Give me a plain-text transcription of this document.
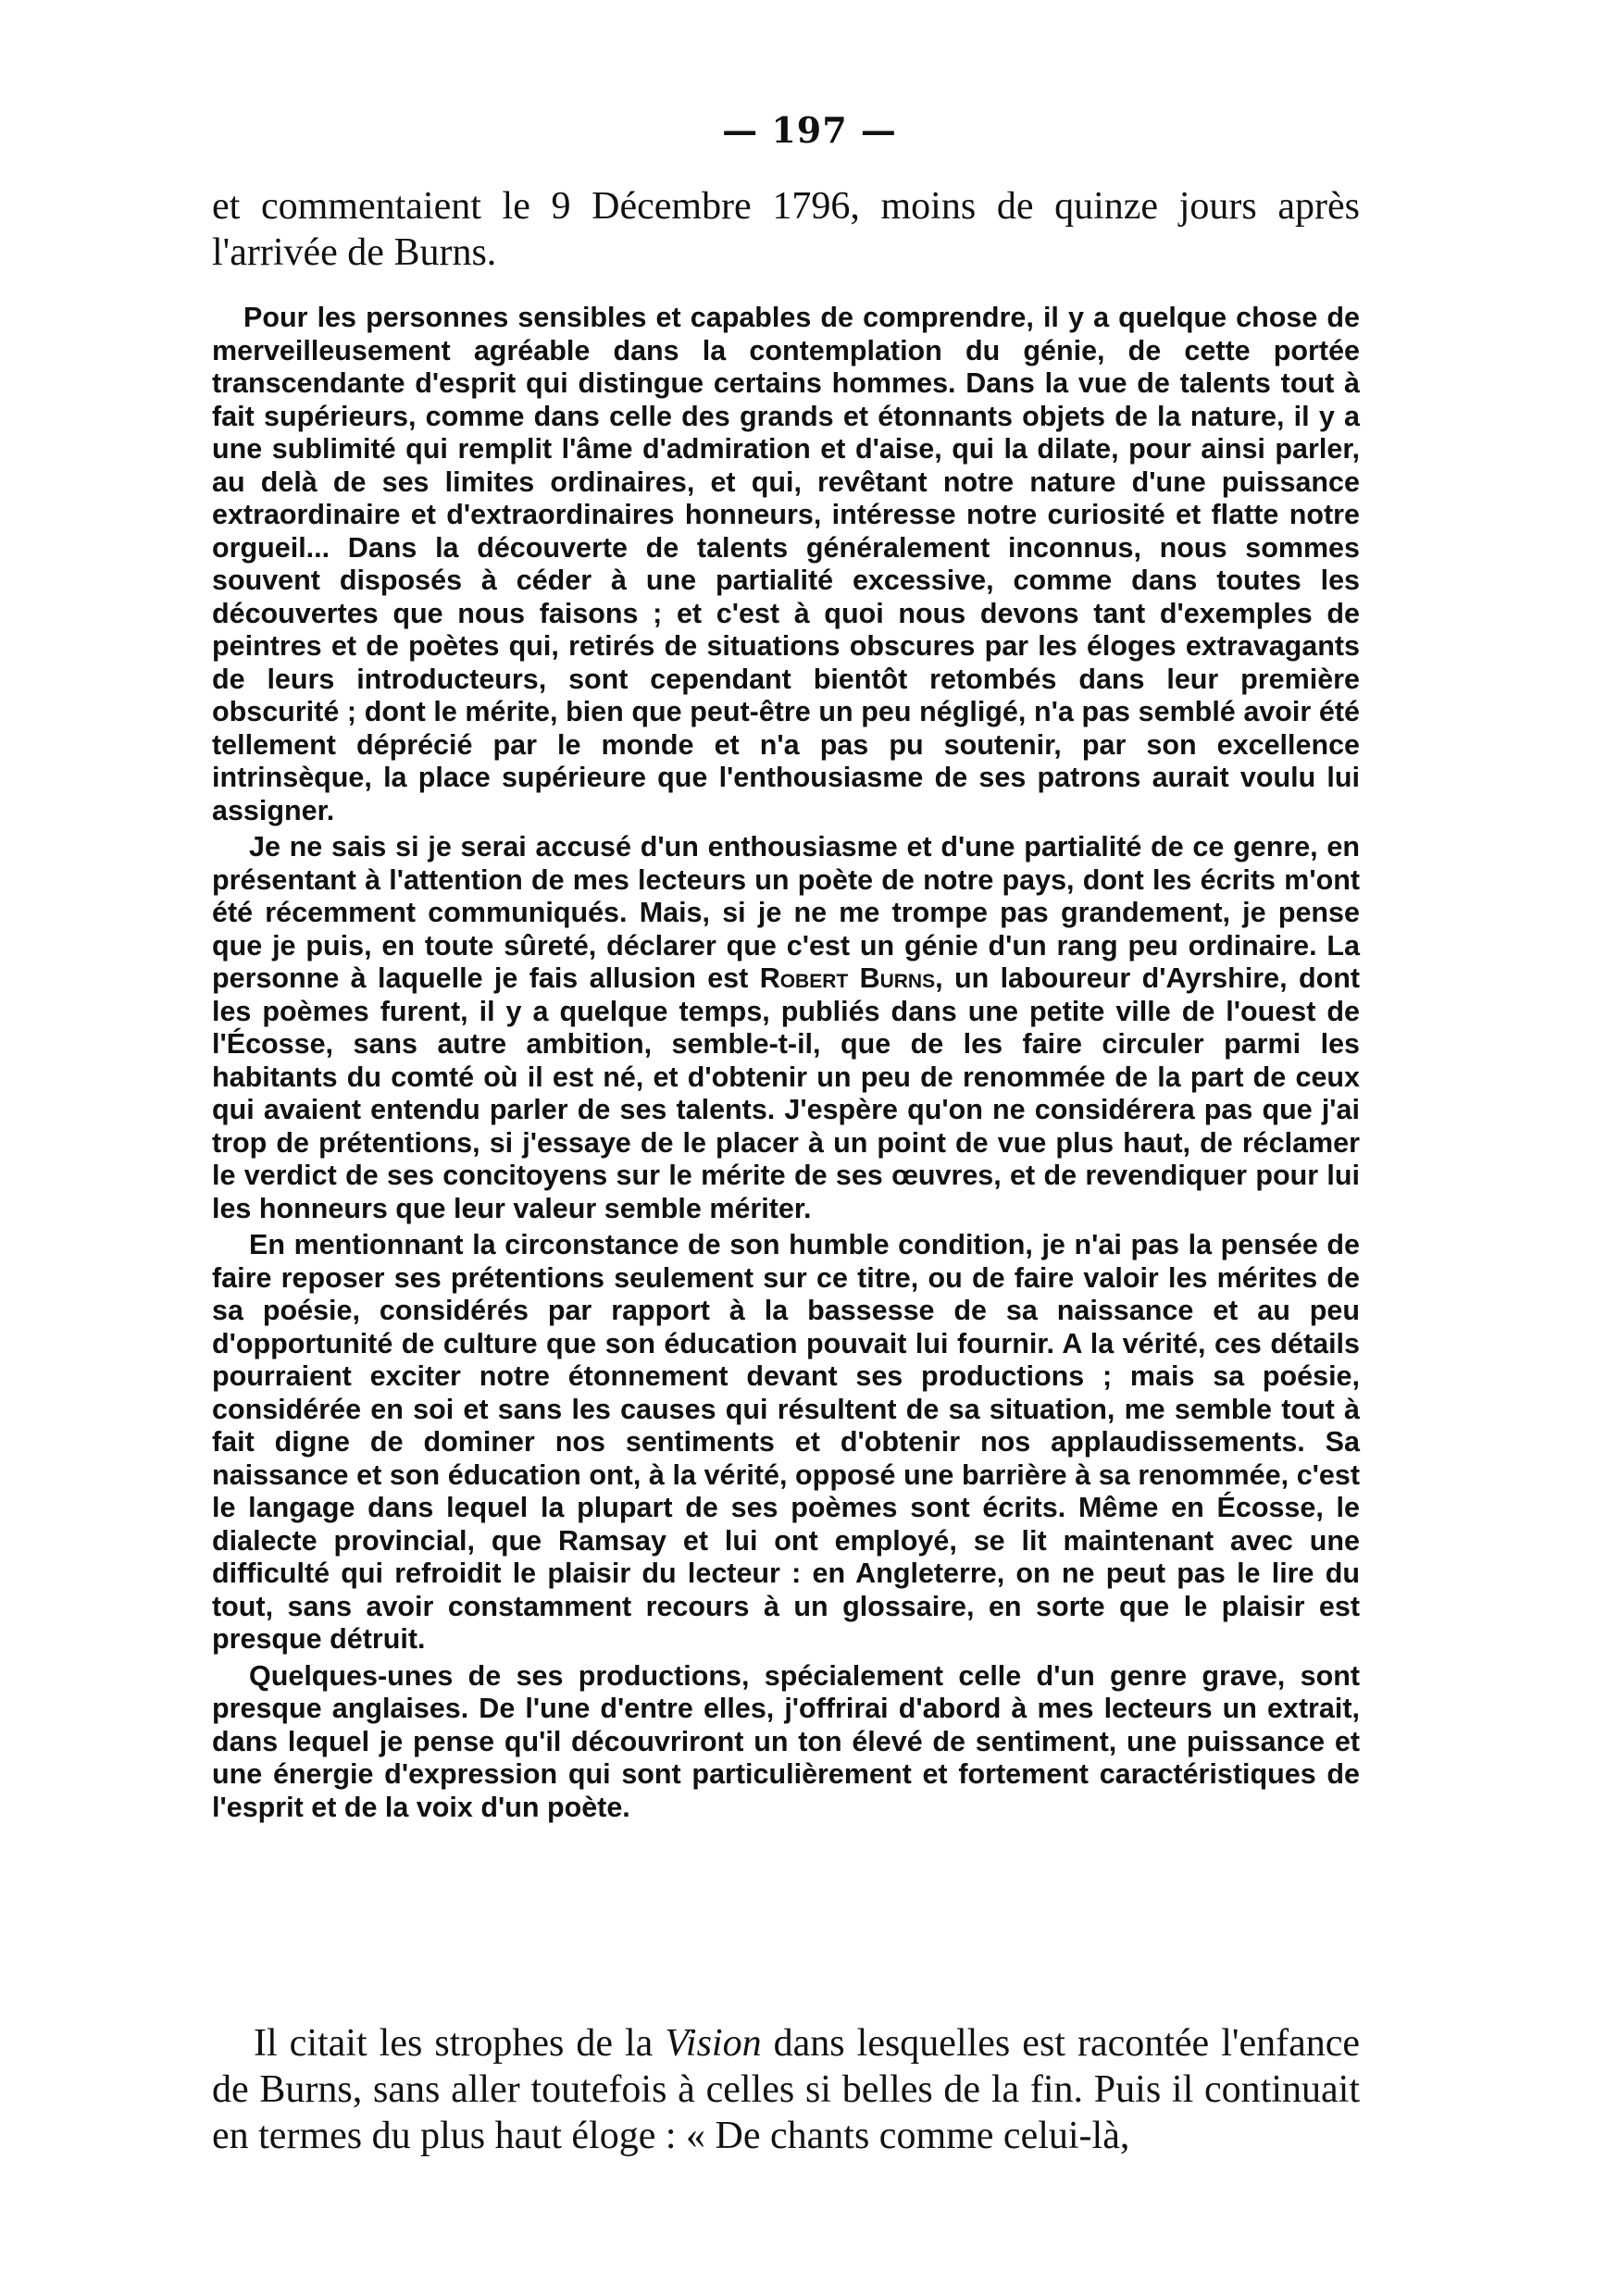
— 197 —

et commentaient le 9 Décembre 1796, moins de quinze jours après l'arrivée de Burns.

Pour les personnes sensibles et capables de comprendre, il y a quelque chose de merveilleusement agréable dans la contemplation du génie, de cette portée transcendante d'esprit qui distingue certains hommes. Dans la vue de talents tout à fait supérieurs, comme dans celle des grands et étonnants objets de la nature, il y a une sublimité qui remplit l'âme d'admiration et d'aise, qui la dilate, pour ainsi parler, au delà de ses limites ordinaires, et qui, revêtant notre nature d'une puissance extraordinaire et d'extraordinaires honneurs, intéresse notre curiosité et flatte notre orgueil... Dans la découverte de talents généralement inconnus, nous sommes souvent disposés à céder à une partialité excessive, comme dans toutes les découvertes que nous faisons ; et c'est à quoi nous devons tant d'exemples de peintres et de poètes qui, retirés de situations obscures par les éloges extravagants de leurs introducteurs, sont cependant bientôt retombés dans leur première obscurité ; dont le mérite, bien que peut-être un peu négligé, n'a pas semblé avoir été tellement déprécié par le monde et n'a pas pu soutenir, par son excellence intrinsèque, la place supérieure que l'enthousiasme de ses patrons aurait voulu lui assigner.

Je ne sais si je serai accusé d'un enthousiasme et d'une partialité de ce genre, en présentant à l'attention de mes lecteurs un poète de notre pays, dont les écrits m'ont été récemment communiqués. Mais, si je ne me trompe pas grandement, je pense que je puis, en toute sûreté, déclarer que c'est un génie d'un rang peu ordinaire. La personne à laquelle je fais allusion est Robert Burns, un laboureur d'Ayrshire, dont les poèmes furent, il y a quelque temps, publiés dans une petite ville de l'ouest de l'Écosse, sans autre ambition, semble-t-il, que de les faire circuler parmi les habitants du comté où il est né, et d'obtenir un peu de renommée de la part de ceux qui avaient entendu parler de ses talents. J'espère qu'on ne considérera pas que j'ai trop de prétentions, si j'essaye de le placer à un point de vue plus haut, de réclamer le verdict de ses concitoyens sur le mérite de ses œuvres, et de revendiquer pour lui les honneurs que leur valeur semble mériter.

En mentionnant la circonstance de son humble condition, je n'ai pas la pensée de faire reposer ses prétentions seulement sur ce titre, ou de faire valoir les mérites de sa poésie, considérés par rapport à la bassesse de sa naissance et au peu d'opportunité de culture que son éducation pouvait lui fournir. A la vérité, ces détails pourraient exciter notre étonnement devant ses productions ; mais sa poésie, considérée en soi et sans les causes qui résultent de sa situation, me semble tout à fait digne de dominer nos sentiments et d'obtenir nos applaudissements. Sa naissance et son éducation ont, à la vérité, opposé une barrière à sa renommée, c'est le langage dans lequel la plupart de ses poèmes sont écrits. Même en Écosse, le dialecte provincial, que Ramsay et lui ont employé, se lit maintenant avec une difficulté qui refroidit le plaisir du lecteur : en Angleterre, on ne peut pas le lire du tout, sans avoir constamment recours à un glossaire, en sorte que le plaisir est presque détruit.

Quelques-unes de ses productions, spécialement celle d'un genre grave, sont presque anglaises. De l'une d'entre elles, j'offrirai d'abord à mes lecteurs un extrait, dans lequel je pense qu'il découvriront un ton élevé de sentiment, une puissance et une énergie d'expression qui sont particulièrement et fortement caractéristiques de l'esprit et de la voix d'un poète.

Il citait les strophes de la Vision dans lesquelles est racontée l'enfance de Burns, sans aller toutefois à celles si belles de la fin. Puis il continuait en termes du plus haut éloge : « De chants comme celui-là,
